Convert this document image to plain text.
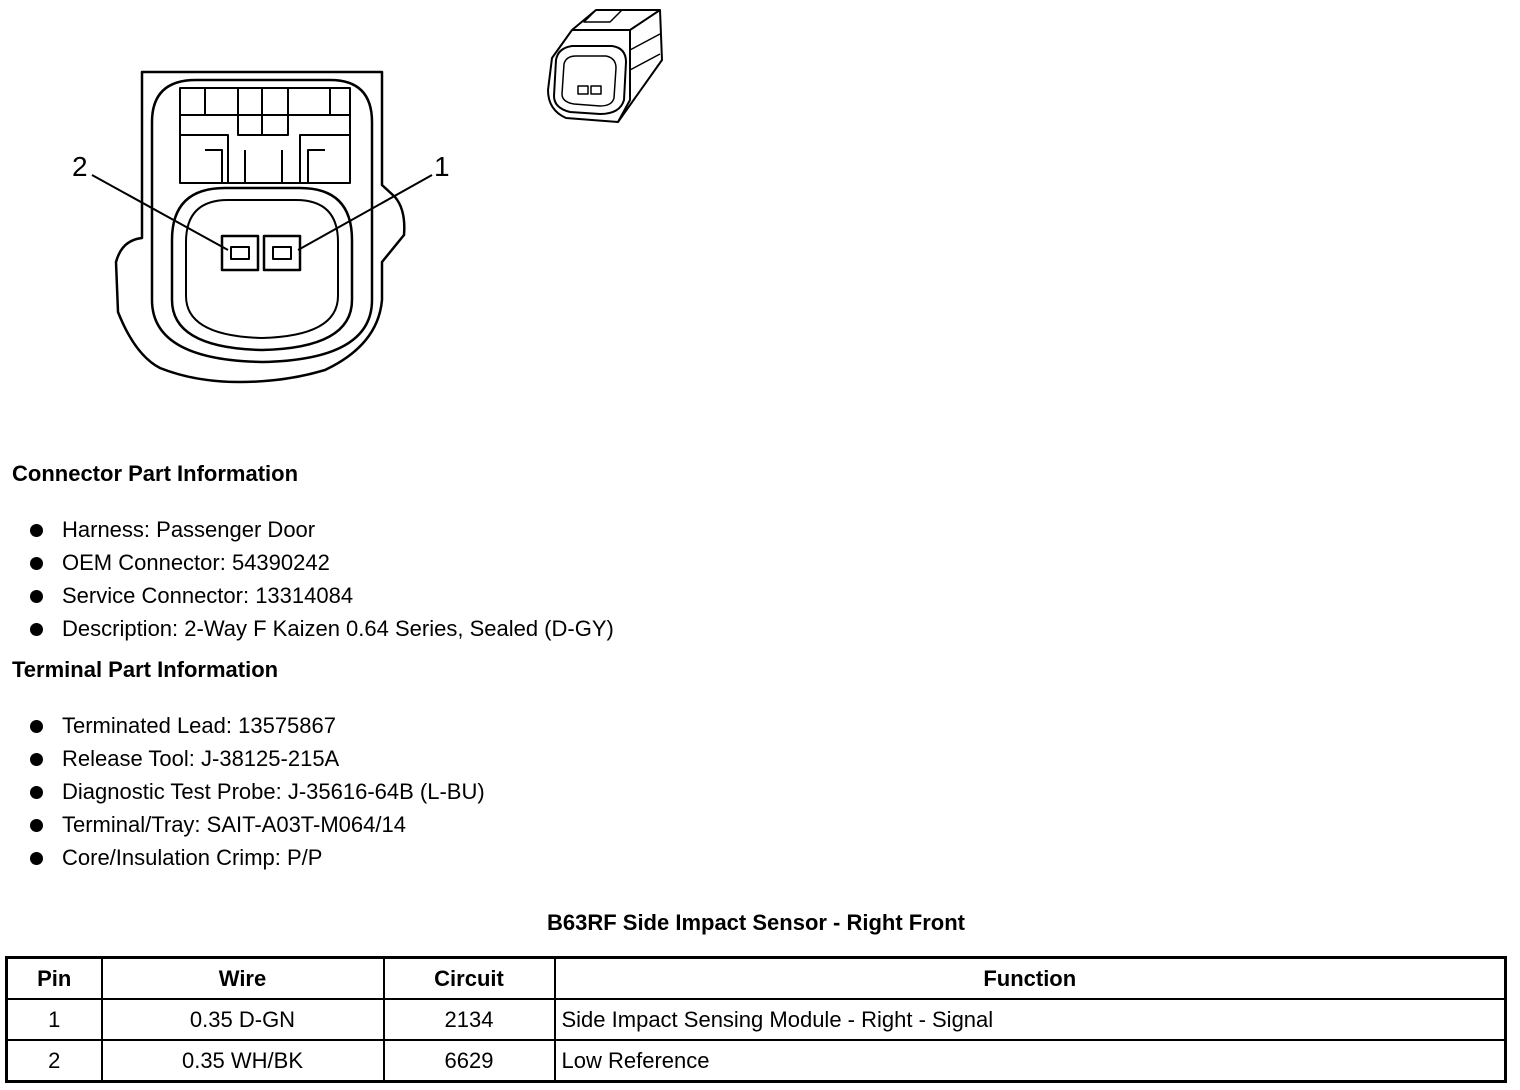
2	1
Connector Part Information
Harness: Passenger Door
OEM Connector: 54390242
Service Connector: 13314084
Description: 2-Way F Kaizen 0.64 Series, Sealed (D-GY)
Terminal Part Information
Terminated Lead: 13575867
Release Tool: J-38125-215A
Diagnostic Test Probe: J-35616-64B (L-BU)
Terminal/Tray: SAIT-A03T-M064/14
Core/Insulation Crimp: P/P
B63RF Side Impact Sensor - Right Front
Pin	Wire	Circuit	Function
1	0.35 D-GN	2134	Side Impact Sensing Module - Right - Signal
2	0.35 WH/BK	6629	Low Reference
